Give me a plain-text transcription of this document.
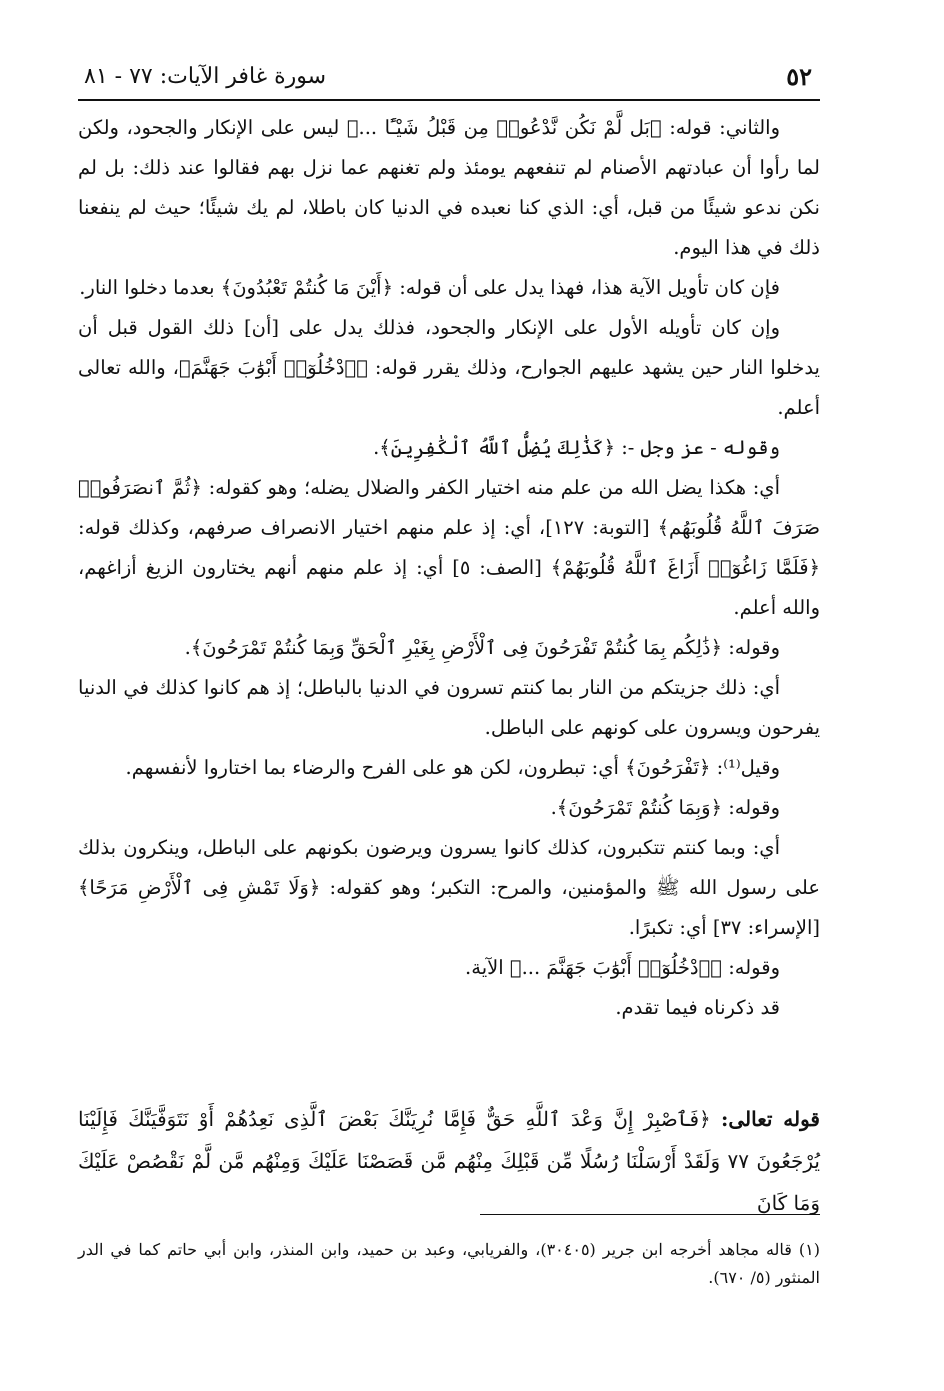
٥٢
سورة غافر الآيات: ٧٧ - ٨١

والثاني: قوله: ﴿بَل لَّمْ نَكُن نَّدْعُوا۟ مِن قَبْلُ شَيْـًٔا ...﴾ ليس على الإنكار والجحود، ولكن لما رأوا أن عبادتهم الأصنام لم تنفعهم يومئذ ولم تغنهم عما نزل بهم فقالوا عند ذلك: بل لم نكن ندعو شيئًا من قبل، أي: الذي كنا نعبده في الدنيا كان باطلا، لم يك شيئًا؛ حيث لم ينفعنا ذلك في هذا اليوم.

فإن كان تأويل الآية هذا، فهذا يدل على أن قوله: ﴿أَيْنَ مَا كُنتُمْ تَعْبُدُونَ﴾ بعدما دخلوا النار.

وإن كان تأويله الأول على الإنكار والجحود، فذلك يدل على [أن] ذلك القول قبل أن يدخلوا النار حين يشهد عليهم الجوارح، وذلك يقرر قوله: ﴿ٱدْخُلُوٓا۟ أَبْوَٰبَ جَهَنَّمَ﴾، والله تعالى أعلم.

وقوله - عز وجل -: ﴿كَذَٰلِكَ يُضِلُّ ٱللَّهُ ٱلْكَٰفِرِينَ﴾.

أي: هكذا يضل الله من علم منه اختيار الكفر والضلال يضله؛ وهو كقوله: ﴿ثُمَّ ٱنصَرَفُوا۟ صَرَفَ ٱللَّهُ قُلُوبَهُم﴾ [التوبة: ١٢٧]، أي: إذ علم منهم اختيار الانصراف صرفهم، وكذلك قوله: ﴿فَلَمَّا زَاغُوٓا۟ أَزَاغَ ٱللَّهُ قُلُوبَهُمْ﴾ [الصف: ٥] أي: إذ علم منهم أنهم يختارون الزيغ أزاغهم، والله أعلم.

وقوله: ﴿ذَٰلِكُم بِمَا كُنتُمْ تَفْرَحُونَ فِى ٱلْأَرْضِ بِغَيْرِ ٱلْحَقِّ وَبِمَا كُنتُمْ تَمْرَحُونَ﴾.

أي: ذلك جزيتكم من النار بما كنتم تسرون في الدنيا بالباطل؛ إذ هم كانوا كذلك في الدنيا يفرحون ويسرون على كونهم على الباطل.

وقيل⁽¹⁾: ﴿تَفْرَحُونَ﴾ أي: تبطرون، لكن هو على الفرح والرضاء بما اختاروا لأنفسهم.

وقوله: ﴿وَبِمَا كُنتُمْ تَمْرَحُونَ﴾.

أي: وبما كنتم تتكبرون، كذلك كانوا يسرون ويرضون بكونهم على الباطل، وينكرون بذلك على رسول الله ﷺ والمؤمنين، والمرح: التكبر؛ وهو كقوله: ﴿وَلَا تَمْشِ فِى ٱلْأَرْضِ مَرَحًا﴾ [الإسراء: ٣٧] أي: تكبرًا.

وقوله: ﴿ٱدْخُلُوٓا۟ أَبْوَٰبَ جَهَنَّمَ ...﴾ الآية.

قد ذكرناه فيما تقدم.

قوله تعالى: ﴿فَٱصْبِرْ إِنَّ وَعْدَ ٱللَّهِ حَقٌّ فَإِمَّا نُرِيَنَّكَ بَعْضَ ٱلَّذِى نَعِدُهُمْ أَوْ نَتَوَفَّيَنَّكَ فَإِلَيْنَا يُرْجَعُونَ ٧٧ وَلَقَدْ أَرْسَلْنَا رُسُلًا مِّن قَبْلِكَ مِنْهُم مَّن قَصَصْنَا عَلَيْكَ وَمِنْهُم مَّن لَّمْ نَقْصُصْ عَلَيْكَ وَمَا كَانَ
(١) قاله مجاهد أخرجه ابن جرير (٣٠٤٠٥)، والفريابي، وعبد بن حميد، وابن المنذر، وابن أبي حاتم كما في الدر المنثور (٥/ ٦٧٠).
